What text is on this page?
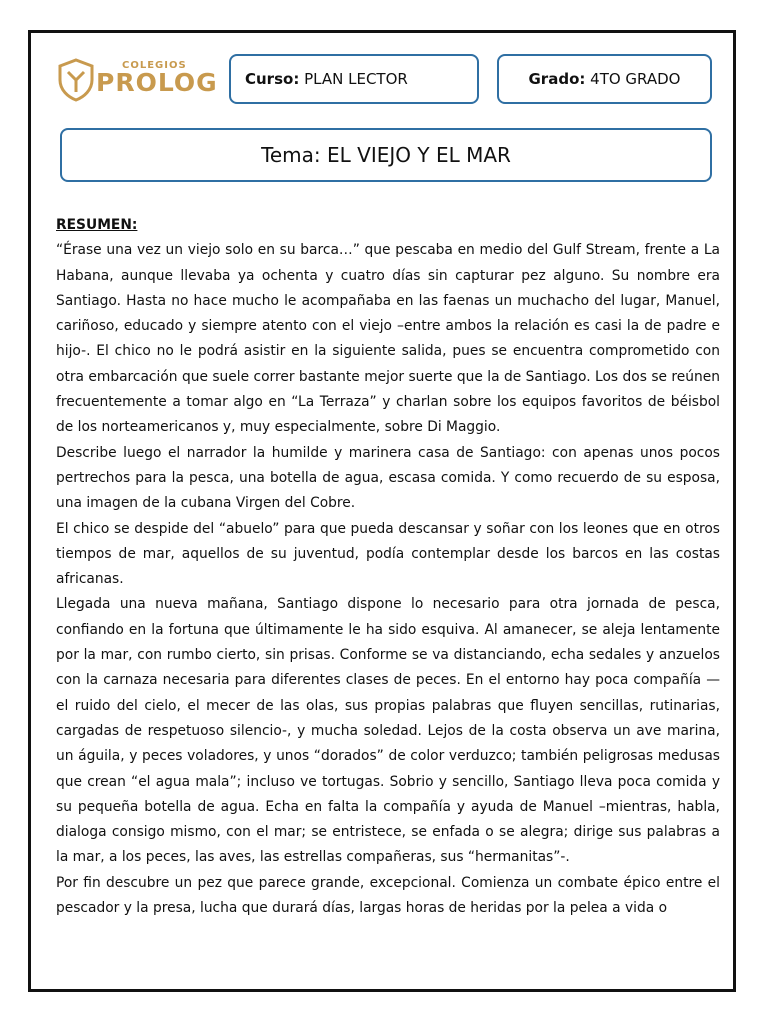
COLEGIOS
PROLOG Curso:
PLAN LECTOR	Grado:
4TO GRADO
Tema:
EL VIEJO Y EL MAR
RESUMEN:

“Érase una vez un viejo solo en su barca…” que pescaba en medio del Gulf Stream, frente a La Habana, aunque llevaba ya ochenta y cuatro días sin capturar pez alguno. Su nombre era Santiago. Hasta no hace mucho le acompañaba en las faenas un muchacho del lugar, Manuel, cariñoso, educado y siempre atento con el viejo –entre ambos la relación es casi la de padre e hijo-. El chico no le podrá asistir en la siguiente salida, pues se encuentra comprometido con otra embarcación que suele correr bastante mejor suerte que la de Santiago. Los dos se reúnen frecuentemente a tomar algo en “La Terraza” y charlan sobre los equipos favoritos de béisbol de los norteamericanos y, muy especialmente, sobre Di Maggio.

Describe luego el narrador la humilde y marinera casa de Santiago: con apenas unos pocos pertrechos para la pesca, una botella de agua, escasa comida. Y como recuerdo de su esposa, una imagen de la cubana Virgen del Cobre.

El chico se despide del “abuelo” para que pueda descansar y soñar con los leones que en otros tiempos de mar, aquellos de su juventud, podía contemplar desde los barcos en las costas africanas.

Llegada una nueva mañana, Santiago dispone lo necesario para otra jornada de pesca, confiando en la fortuna que últimamente le ha sido esquiva. Al amanecer, se aleja lentamente por la mar, con rumbo cierto, sin prisas. Conforme se va distanciando, echa sedales y anzuelos con la carnaza necesaria para diferentes clases de peces. En el entorno hay poca compañía —el ruido del cielo, el mecer de las olas, sus propias palabras que fluyen sencillas, rutinarias, cargadas de respetuoso silencio-, y mucha soledad. Lejos de la costa observa un ave marina, un águila, y peces voladores, y unos “dorados” de color verduzco; también peligrosas medusas que crean “el agua mala”; incluso ve tortugas. Sobrio y sencillo, Santiago lleva poca comida y su pequeña botella de agua. Echa en falta la compañía y ayuda de Manuel –mientras, habla, dialoga consigo mismo, con el mar; se entristece, se enfada o se alegra; dirige sus palabras a la mar, a los peces, las aves, las estrellas compañeras, sus “hermanitas”-.

Por fin descubre un pez que parece grande, excepcional. Comienza un combate épico entre el pescador y la presa, lucha que durará días, largas horas de heridas por la pelea a vida o
